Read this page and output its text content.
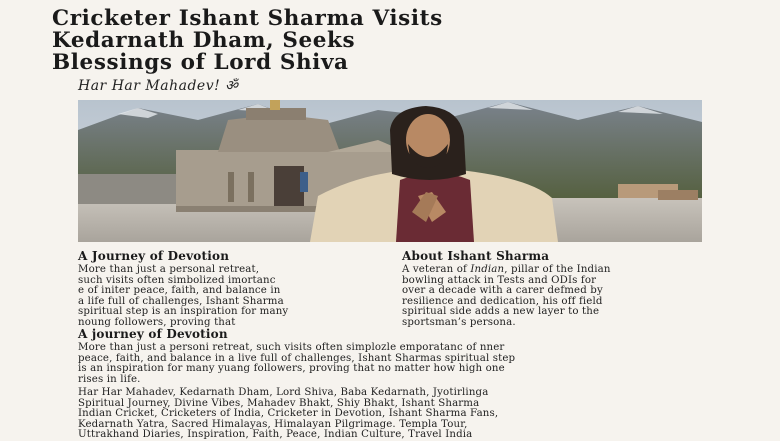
Cricketer Ishant Sharma Visits
Kedarnath Dham, Seeks
Blessings of Lord Shiva
Har Har Mahadev! ॐ
A Journey of Devotion
More than just a personal retreat,
such visits often simbolized imortanc
e of initer peace, faith, and balance in
a life full of challenges, Ishant Sharma
spiritual step is an inspiration for many
noung followers, proving that
About Ishant Sharma
A veteran of Indian, pillar of the Indian
bowling attack in Tests and ODIs for
over a decade with a carer defmed by
resilience and dedication, his off field
spiritual side adds a new layer to the
sportsman’s persona.
A journey of Devotion
More than just a personi retreat, such visits often simplozle emporatanc of nner
peace, faith, and balance in a live full of challenges, Ishant Sharmas spiritual step
is an inspiration for many yuang followers, proving that no matter how high one
rises in life.
Har Har Mahadev, Kedarnath Dham, Lord Shiva, Baba Kedarnath, Jyotirlinga
Spiritual Journey, Divine Vibes, Mahadev Bhakt, Shiy Bhakt, Ishant Sharma
Indian Cricket, Cricketers of India, Cricketer in Devotion, Ishant Sharma Fans,
Kedarnath Yatra, Sacred Himalayas, Himalayan Pilgrimage. Templa Tour,
Uttrakhand Diaries, Inspiration, Faith, Peace, Indian Culture, Travel India
